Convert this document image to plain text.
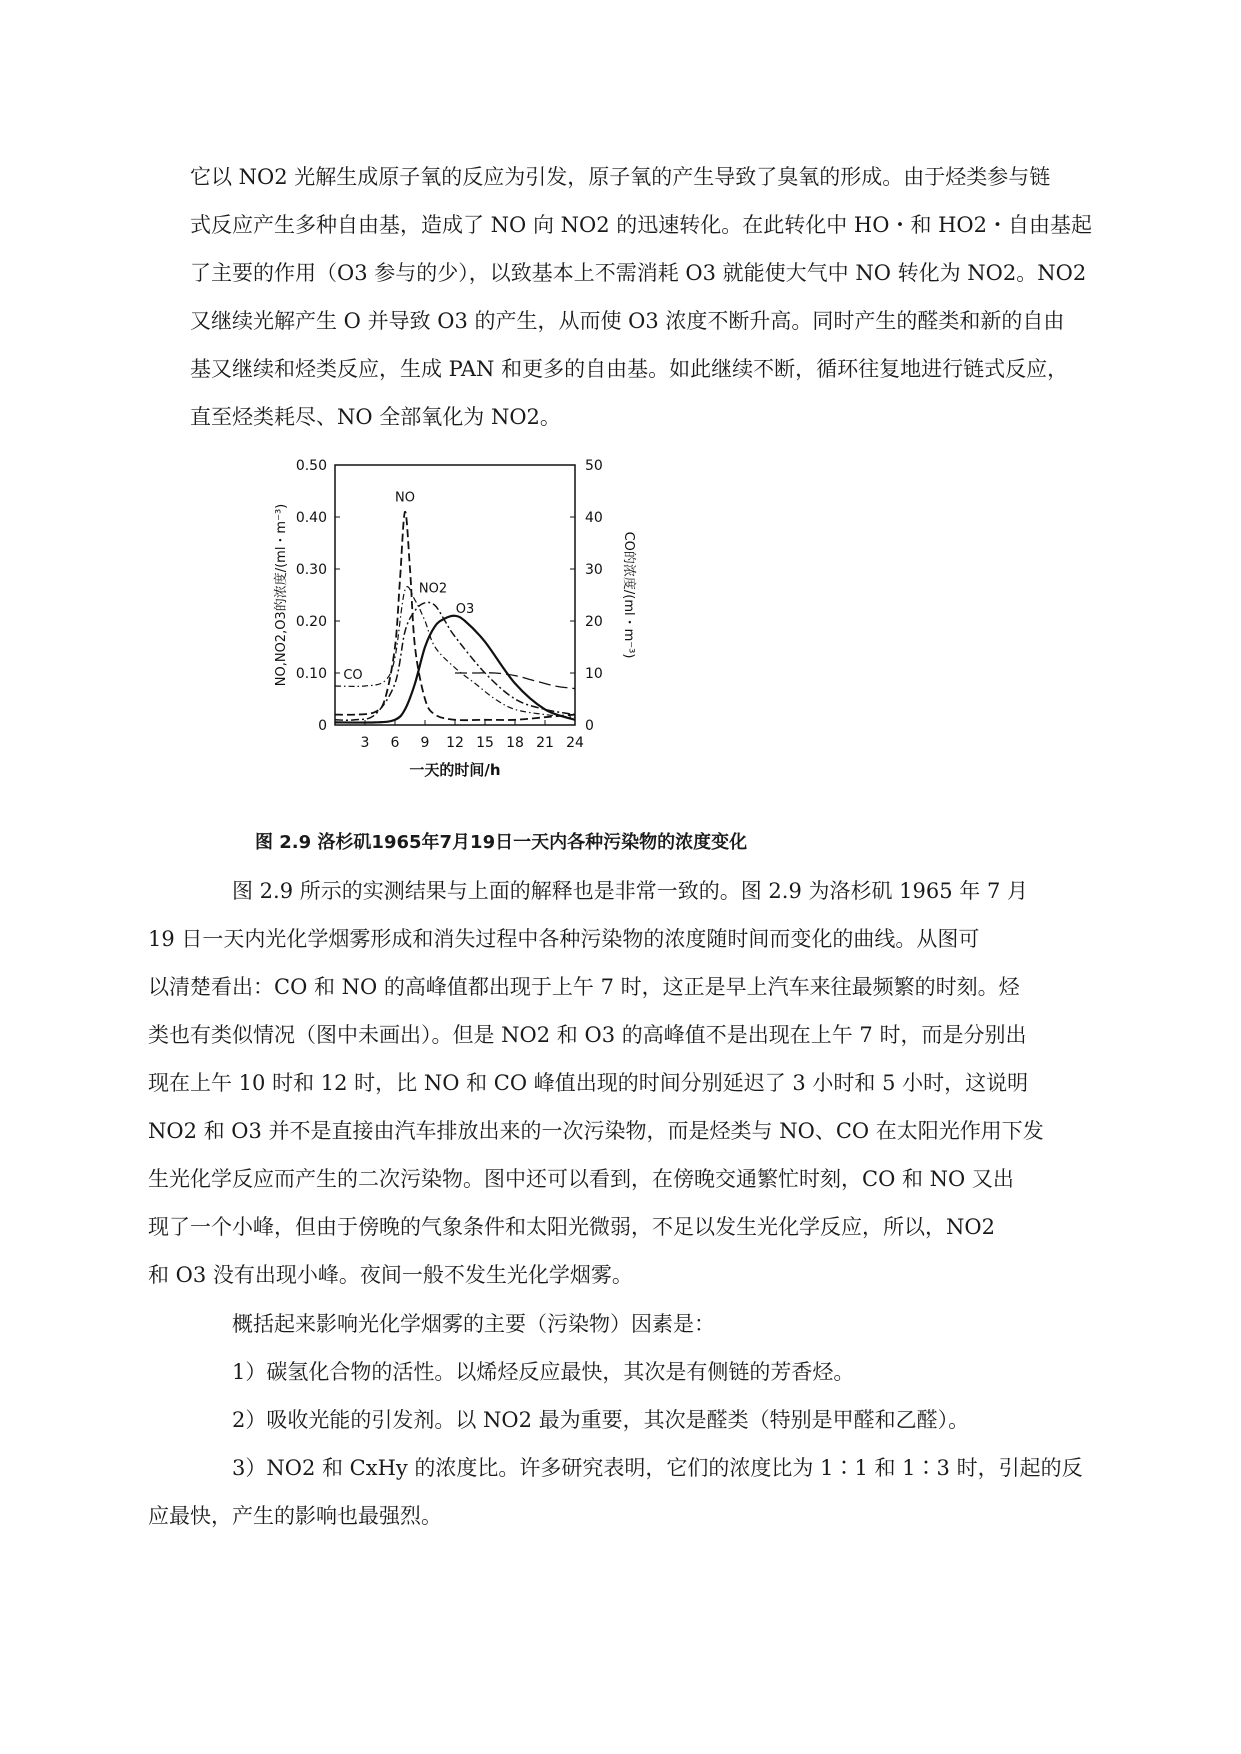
它以 NO2 光解生成原子氧的反应为引发，原子氧的产生导致了臭氧的形成。由于烃类参与链
式反应产生多种自由基，造成了 NO 向 NO2 的迅速转化。在此转化中 HO・和 HO2・自由基起
了主要的作用（O3 参与的少），以致基本上不需消耗 O3 就能使大气中 NO 转化为 NO2。NO2
又继续光解产生 O 并导致 O3 的产生，从而使 O3 浓度不断升高。同时产生的醛类和新的自由
基又继续和烃类反应，生成 PAN 和更多的自由基。如此继续不断，循环往复地进行链式反应，
直至烃类耗尽、NO 全部氧化为 NO2。
3 6 9 12 15 18 21 24
0
0.10
0.20
0.30
0.40
0.50
0
10
20
30
40
50
一天的时间/h
NO,NO2,O3的浓度/(ml・m⁻³)	CO的浓度/(ml・m⁻³)
NO
NO2
O3
CO
图 2.9 洛杉矶1965年7月19日一天内各种污染物的浓度变化
图 2.9 所示的实测结果与上面的解释也是非常一致的。图 2.9 为洛杉矶 1965 年 7 月
19 日一天内光化学烟雾形成和消失过程中各种污染物的浓度随时间而变化的曲线。从图可
以清楚看出：CO 和 NO 的高峰值都出现于上午 7 时，这正是早上汽车来往最频繁的时刻。烃
类也有类似情况（图中未画出）。但是 NO2 和 O3 的高峰值不是出现在上午 7 时，而是分别出
现在上午 10 时和 12 时，比 NO 和 CO 峰值出现的时间分别延迟了 3 小时和 5 小时，这说明
NO2 和 O3 并不是直接由汽车排放出来的一次污染物，而是烃类与 NO、CO 在太阳光作用下发
生光化学反应而产生的二次污染物。图中还可以看到，在傍晚交通繁忙时刻，CO 和 NO 又出
现了一个小峰，但由于傍晚的气象条件和太阳光微弱，不足以发生光化学反应，所以，NO2
和 O3 没有出现小峰。夜间一般不发生光化学烟雾。

概括起来影响光化学烟雾的主要（污染物）因素是：

1）碳氢化合物的活性。以烯烃反应最快，其次是有侧链的芳香烃。

2）吸收光能的引发剂。以 NO2 最为重要，其次是醛类（特别是甲醛和乙醛）。

3）NO2 和 CxHy 的浓度比。许多研究表明，它们的浓度比为 1∶1 和 1∶3 时，引起的反
应最快，产生的影响也最强烈。
